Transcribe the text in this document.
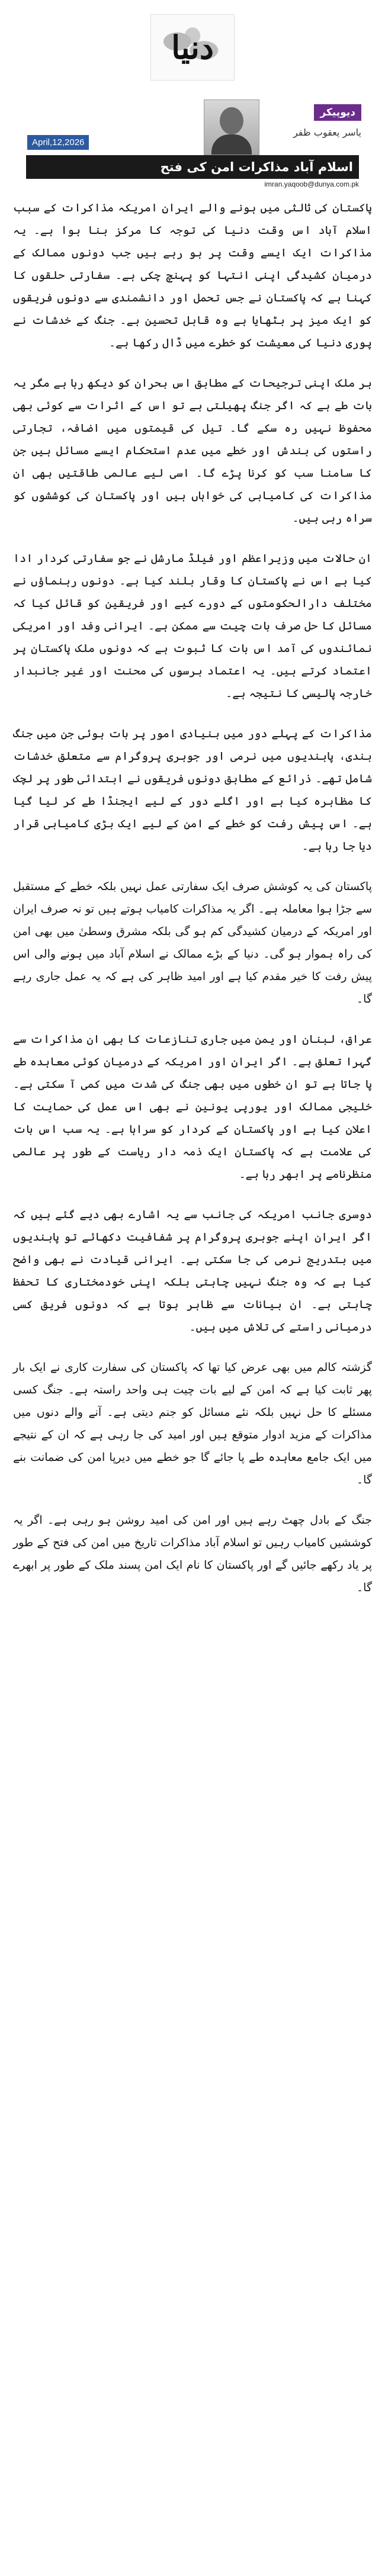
دنیا
April,12,2026
دیوپیکر
یاسر یعقوب ظفر
اسلام آباد مذاکرات امن کی فتح
imran.yaqoob@dunya.com.pk

پاکستان کی ثالثی میں ہونے والے ایران امریکہ مذاکرات کے سبب اسلام آباد اس وقت دنیا کی توجہ کا مرکز بنا ہوا ہے۔ یہ مذاکرات ایک ایسے وقت پر ہو رہے ہیں جب دونوں ممالک کے درمیان کشیدگی اپنی انتہا کو پہنچ چکی ہے۔ سفارتی حلقوں کا کہنا ہے کہ پاکستان نے جس تحمل اور دانشمندی سے دونوں فریقوں کو ایک میز پر بٹھایا ہے وہ قابل تحسین ہے۔ جنگ کے خدشات نے پوری دنیا کی معیشت کو خطرے میں ڈال رکھا ہے۔

ہر ملک اپنی ترجیحات کے مطابق اس بحران کو دیکھ رہا ہے مگر یہ بات طے ہے کہ اگر جنگ پھیلتی ہے تو اس کے اثرات سے کوئی بھی محفوظ نہیں رہ سکے گا۔ تیل کی قیمتوں میں اضافہ، تجارتی راستوں کی بندش اور خطے میں عدم استحکام ایسے مسائل ہیں جن کا سامنا سب کو کرنا پڑے گا۔ اسی لیے عالمی طاقتیں بھی ان مذاکرات کی کامیابی کی خواہاں ہیں اور پاکستان کی کوششوں کو سراہ رہی ہیں۔

ان حالات میں وزیراعظم اور فیلڈ مارشل نے جو سفارتی کردار ادا کیا ہے اس نے پاکستان کا وقار بلند کیا ہے۔ دونوں رہنماؤں نے مختلف دارالحکومتوں کے دورے کیے اور فریقین کو قائل کیا کہ مسائل کا حل صرف بات چیت سے ممکن ہے۔ ایرانی وفد اور امریکی نمائندوں کی آمد اس بات کا ثبوت ہے کہ دونوں ملک پاکستان پر اعتماد کرتے ہیں۔ یہ اعتماد برسوں کی محنت اور غیر جانبدار خارجہ پالیسی کا نتیجہ ہے۔

مذاکرات کے پہلے دور میں بنیادی امور پر بات ہوئی جن میں جنگ بندی، پابندیوں میں نرمی اور جوہری پروگرام سے متعلق خدشات شامل تھے۔ ذرائع کے مطابق دونوں فریقوں نے ابتدائی طور پر لچک کا مظاہرہ کیا ہے اور اگلے دور کے لیے ایجنڈا طے کر لیا گیا ہے۔ اس پیش رفت کو خطے کے امن کے لیے ایک بڑی کامیابی قرار دیا جا رہا ہے۔

پاکستان کی یہ کوشش صرف ایک سفارتی عمل نہیں بلکہ خطے کے مستقبل سے جڑا ہوا معاملہ ہے۔ اگر یہ مذاکرات کامیاب ہوتے ہیں تو نہ صرف ایران اور امریکہ کے درمیان کشیدگی کم ہو گی بلکہ مشرق وسطیٰ میں بھی امن کی راہ ہموار ہو گی۔ دنیا کے بڑے ممالک نے اسلام آباد میں ہونے والی اس پیش رفت کا خیر مقدم کیا ہے اور امید ظاہر کی ہے کہ یہ عمل جاری رہے گا۔

عراق، لبنان اور یمن میں جاری تنازعات کا بھی ان مذاکرات سے گہرا تعلق ہے۔ اگر ایران اور امریکہ کے درمیان کوئی معاہدہ طے پا جاتا ہے تو ان خطوں میں بھی جنگ کی شدت میں کمی آ سکتی ہے۔ خلیجی ممالک اور یورپی یونین نے بھی اس عمل کی حمایت کا اعلان کیا ہے اور پاکستان کے کردار کو سراہا ہے۔ یہ سب اس بات کی علامت ہے کہ پاکستان ایک ذمہ دار ریاست کے طور پر عالمی منظرنامے پر ابھر رہا ہے۔

دوسری جانب امریکہ کی جانب سے یہ اشارے بھی دیے گئے ہیں کہ اگر ایران اپنے جوہری پروگرام پر شفافیت دکھائے تو پابندیوں میں بتدریج نرمی کی جا سکتی ہے۔ ایرانی قیادت نے بھی واضح کیا ہے کہ وہ جنگ نہیں چاہتی بلکہ اپنی خودمختاری کا تحفظ چاہتی ہے۔ ان بیانات سے ظاہر ہوتا ہے کہ دونوں فریق کسی درمیانی راستے کی تلاش میں ہیں۔

گزشتہ کالم میں بھی عرض کیا تھا کہ پاکستان کی سفارت کاری نے ایک بار پھر ثابت کیا ہے کہ امن کے لیے بات چیت ہی واحد راستہ ہے۔ جنگ کسی مسئلے کا حل نہیں بلکہ نئے مسائل کو جنم دیتی ہے۔ آنے والے دنوں میں مذاکرات کے مزید ادوار متوقع ہیں اور امید کی جا رہی ہے کہ ان کے نتیجے میں ایک جامع معاہدہ طے پا جائے گا جو خطے میں دیرپا امن کی ضمانت بنے گا۔

جنگ کے بادل چھٹ رہے ہیں اور امن کی امید روشن ہو رہی ہے۔ اگر یہ کوششیں کامیاب رہیں تو اسلام آباد مذاکرات تاریخ میں امن کی فتح کے طور پر یاد رکھے جائیں گے اور پاکستان کا نام ایک امن پسند ملک کے طور پر ابھرے گا۔
